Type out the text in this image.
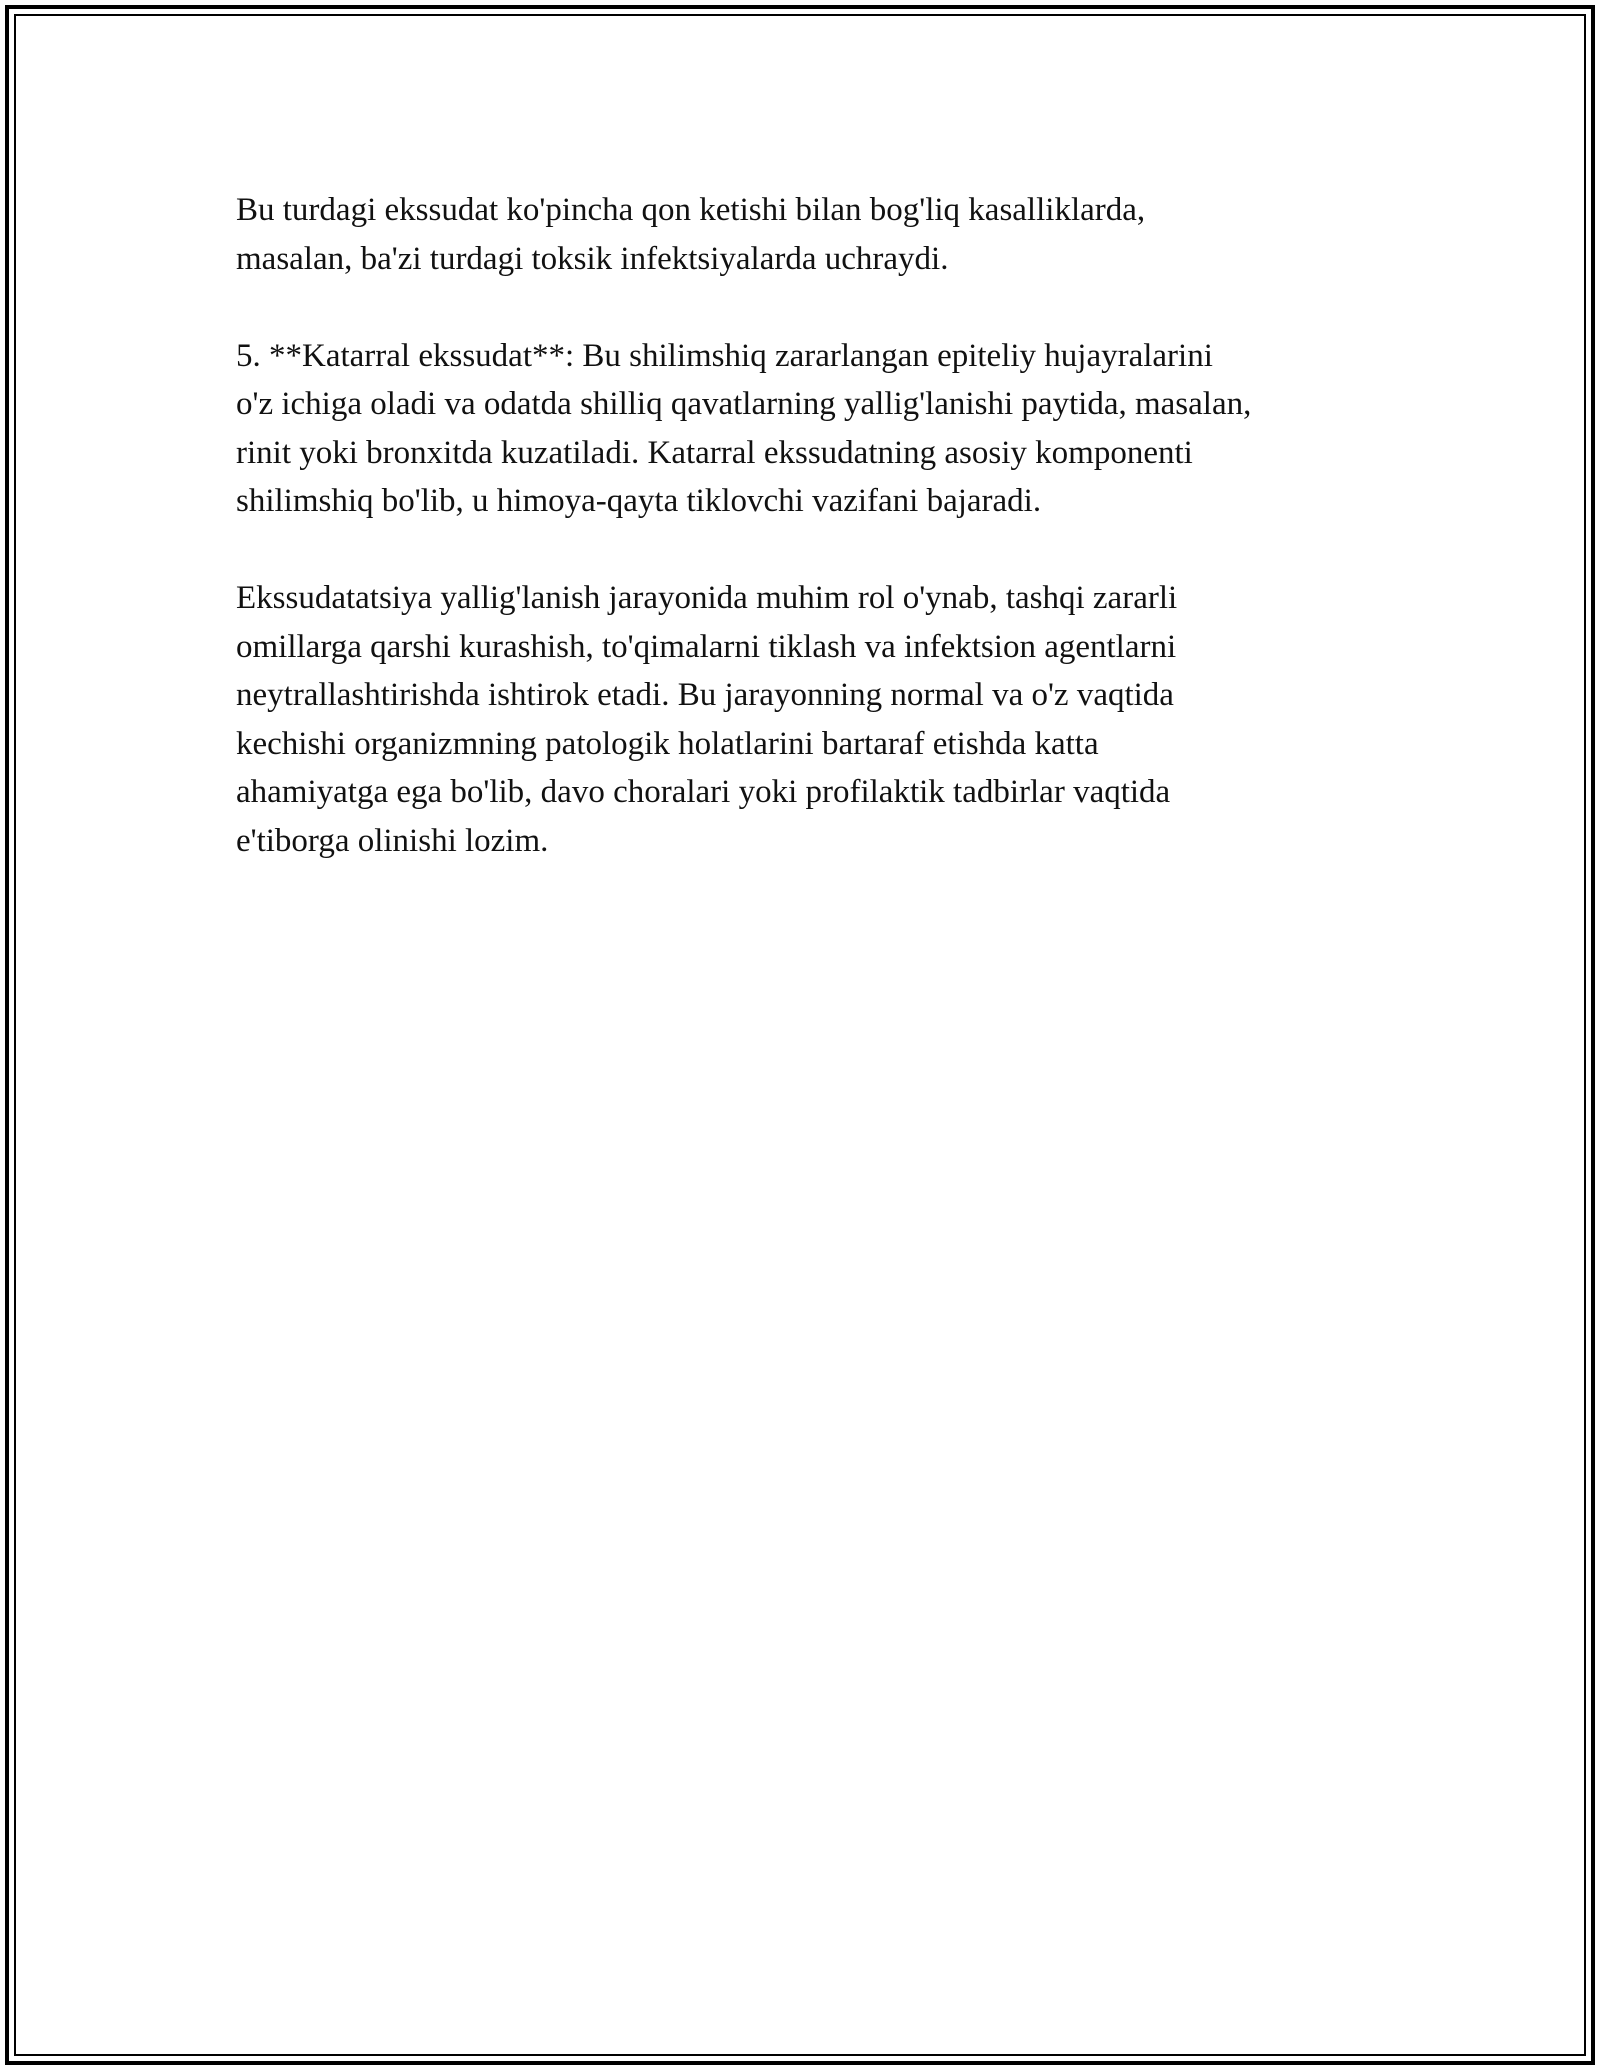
Bu turdagi ekssudat ko'pincha qon ketishi bilan bog'liq kasalliklarda,
masalan, ba'zi turdagi toksik infektsiyalarda uchraydi.

5. **Katarral ekssudat**: Bu shilimshiq zararlangan epiteliy hujayralarini
o'z ichiga oladi va odatda shilliq qavatlarning yallig'lanishi paytida, masalan,
rinit yoki bronxitda kuzatiladi. Katarral ekssudatning asosiy komponenti
shilimshiq bo'lib, u himoya-qayta tiklovchi vazifani bajaradi.

Ekssudatatsiya yallig'lanish jarayonida muhim rol o'ynab, tashqi zararli
omillarga qarshi kurashish, to'qimalarni tiklash va infektsion agentlarni
neytrallashtirishda ishtirok etadi. Bu jarayonning normal va o'z vaqtida
kechishi organizmning patologik holatlarini bartaraf etishda katta
ahamiyatga ega bo'lib, davo choralari yoki profilaktik tadbirlar vaqtida
e'tiborga olinishi lozim.
